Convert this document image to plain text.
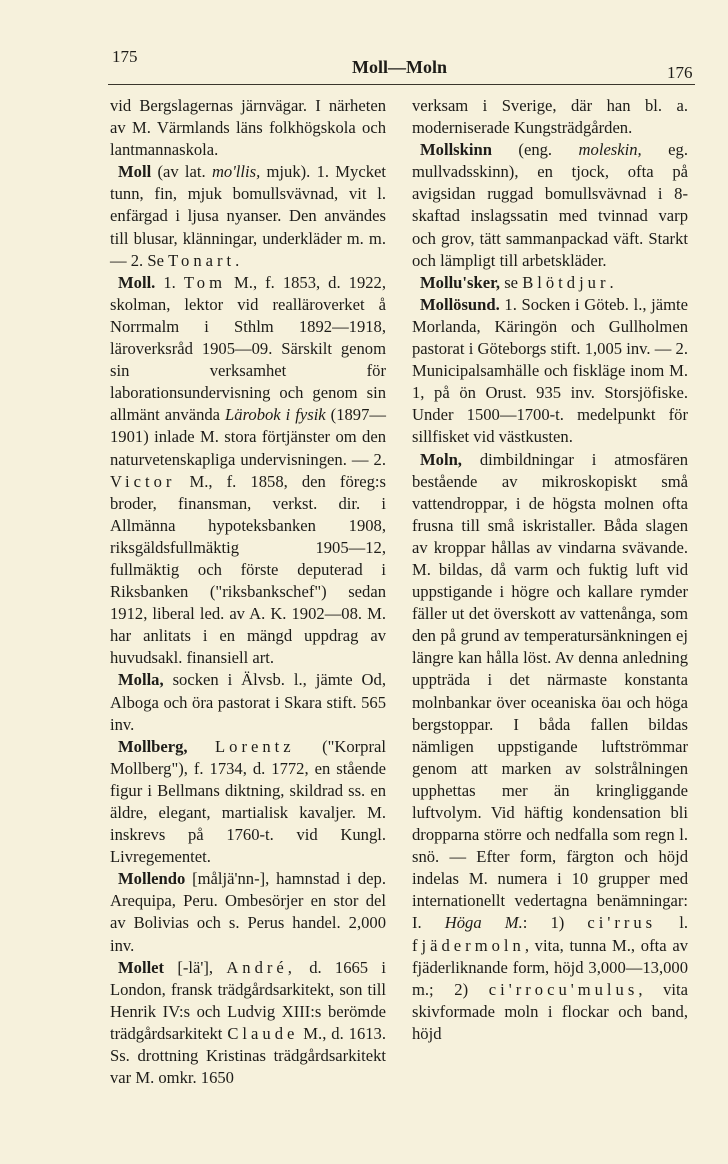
175
Moll—Moln	176

vid Bergslagernas järnvägar. I närheten av M. Värmlands läns folkhögskola och lantmannaskola.

Moll (av lat. mo'llis, mjuk). 1. Mycket tunn, fin, mjuk bomullsvävnad, vit l. enfärgad i ljusa nyanser. Den användes till blusar, klänningar, underkläder m. m. — 2. Se Tonart.

Moll. 1. Tom M., f. 1853, d. 1922, skolman, lektor vid realläroverket å Norrmalm i Sthlm 1892—1918, läroverksråd 1905—09. Särskilt genom sin verksamhet för laborationsundervisning och genom sin allmänt använda Lärobok i fysik (1897—1901) inlade M. stora förtjänster om den naturvetenskapliga undervisningen. — 2. Victor M., f. 1858, den föreg:s broder, finansman, verkst. dir. i Allmänna hypoteksbanken 1908, riksgäldsfullmäktig 1905—12, fullmäktig och förste deputerad i Riksbanken ("riksbankschef") sedan 1912, liberal led. av A. K. 1902—08. M. har anlitats i en mängd uppdrag av huvudsakl. finansiell art.

Molla, socken i Älvsb. l., jämte Od, Alboga och öra pastorat i Skara stift. 565 inv.

Mollberg, Lorentz ("Korpral Mollberg"), f. 1734, d. 1772, en stående figur i Bellmans diktning, skildrad ss. en äldre, elegant, martialisk kavaljer. M. inskrevs på 1760-t. vid Kungl. Livregementet.

Mollendo [måljä'nn-], hamnstad i dep. Arequipa, Peru. Ombesörjer en stor del av Bolivias och s. Perus handel. 2,000 inv.

Mollet [-lä'], André, d. 1665 i London, fransk trädgårdsarkitekt, son till Henrik IV:s och Ludvig XIII:s berömde trädgårdsarkitekt Claude M., d. 1613. Ss. drottning Kristinas trädgårdsarkitekt var M. omkr. 1650

verksam i Sverige, där han bl. a. moderniserade Kungsträdgården.

Mollskinn (eng. moleskin, eg. mullvadsskinn), en tjock, ofta på avigsidan ruggad bomullsvävnad i 8-skaftad inslagssatin med tvinnad varp och grov, tätt sammanpackad väft. Starkt och lämpligt till arbetskläder.

Mollu'sker, se Blötdjur.

Mollösund. 1. Socken i Göteb. l., jämte Morlanda, Käringön och Gullholmen pastorat i Göteborgs stift. 1,005 inv. — 2. Municipalsamhälle och fiskläge inom M. 1, på ön Orust. 935 inv. Storsjöfiske. Under 1500—1700-t. medelpunkt för sillfisket vid västkusten.

Moln, dimbildningar i atmosfären bestående av mikroskopiskt små vattendroppar, i de högsta molnen ofta frusna till små iskristaller. Båda slagen av kroppar hållas av vindarna svävande. M. bildas, då varm och fuktig luft vid uppstigande i högre och kallare rymder fäller ut det överskott av vattenånga, som den på grund av temperatursänkningen ej längre kan hålla löst. Av denna anledning uppträda i det närmaste konstanta molnbankar över oceaniska öaı och höga bergstoppar. I båda fallen bildas nämligen uppstigande luftströmmar genom att marken av solstrålningen upphettas mer än kringliggande luftvolym. Vid häftig kondensation bli dropparna större och nedfalla som regn l. snö. — Efter form, färgton och höjd indelas M. numera i 10 grupper med internationellt vedertagna benämningar: I. Höga M.: 1) ci'rrus l. fjädermoln, vita, tunna M., ofta av fjäderliknande form, höjd 3,000—13,000 m.; 2) ci'rrocu'mulus, vita skivformade moln i flockar och band, höjd
